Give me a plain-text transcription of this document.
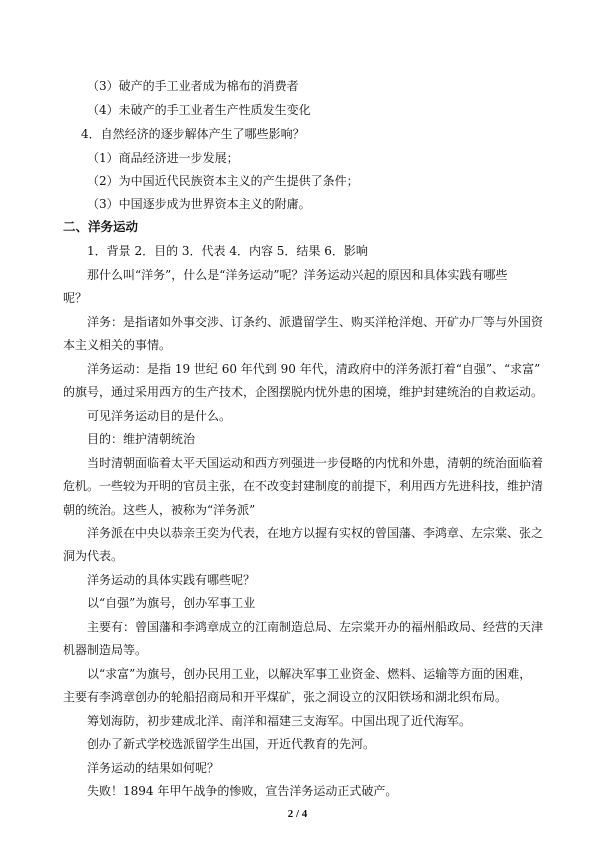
（3）破产的手工业者成为棉布的消费者
（4）未破产的手工业者生产性质发生变化
4．自然经济的逐步解体产生了哪些影响？
（1）商品经济进一步发展；
（2）为中国近代民族资本主义的产生提供了条件；
（3）中国逐步成为世界资本主义的附庸。
二、洋务运动
1．背景 2．目的 3．代表 4．内容 5．结果 6．影响
那什么叫“洋务”，什么是“洋务运动”呢？洋务运动兴起的原因和具体实践有哪些
呢？
洋务：是指诸如外事交涉、订条约、派遣留学生、购买洋枪洋炮、开矿办厂等与外国资
本主义相关的事情。
洋务运动：是指 19 世纪 60 年代到 90 年代，清政府中的洋务派打着“自强”、“求富”
的旗号，通过采用西方的生产技术，企图摆脱内忧外患的困境，维护封建统治的自救运动。
可见洋务运动目的是什么。
目的：维护清朝统治
当时清朝面临着太平天国运动和西方列强进一步侵略的内忧和外患，清朝的统治面临着
危机。一些较为开明的官员主张，在不改变封建制度的前提下，利用西方先进科技，维护清
朝的统治。这些人，被称为“洋务派”
洋务派在中央以恭亲王奕为代表，在地方以握有实权的曾国藩、李鸿章、左宗棠、张之
洞为代表。
洋务运动的具体实践有哪些呢？
以“自强”为旗号，创办军事工业
主要有：曾国藩和李鸿章成立的江南制造总局、左宗棠开办的福州船政局、经营的天津
机器制造局等。
以“求富”为旗号，创办民用工业，以解决军事工业资金、燃料、运输等方面的困难，
主要有李鸿章创办的轮船招商局和开平煤矿，张之洞设立的汉阳铁场和湖北织布局。
筹划海防，初步建成北洋、南洋和福建三支海军。中国出现了近代海军。
创办了新式学校选派留学生出国，开近代教育的先河。
洋务运动的结果如何呢？
失败！1894 年甲午战争的惨败，宣告洋务运动正式破产。
2 / 4
